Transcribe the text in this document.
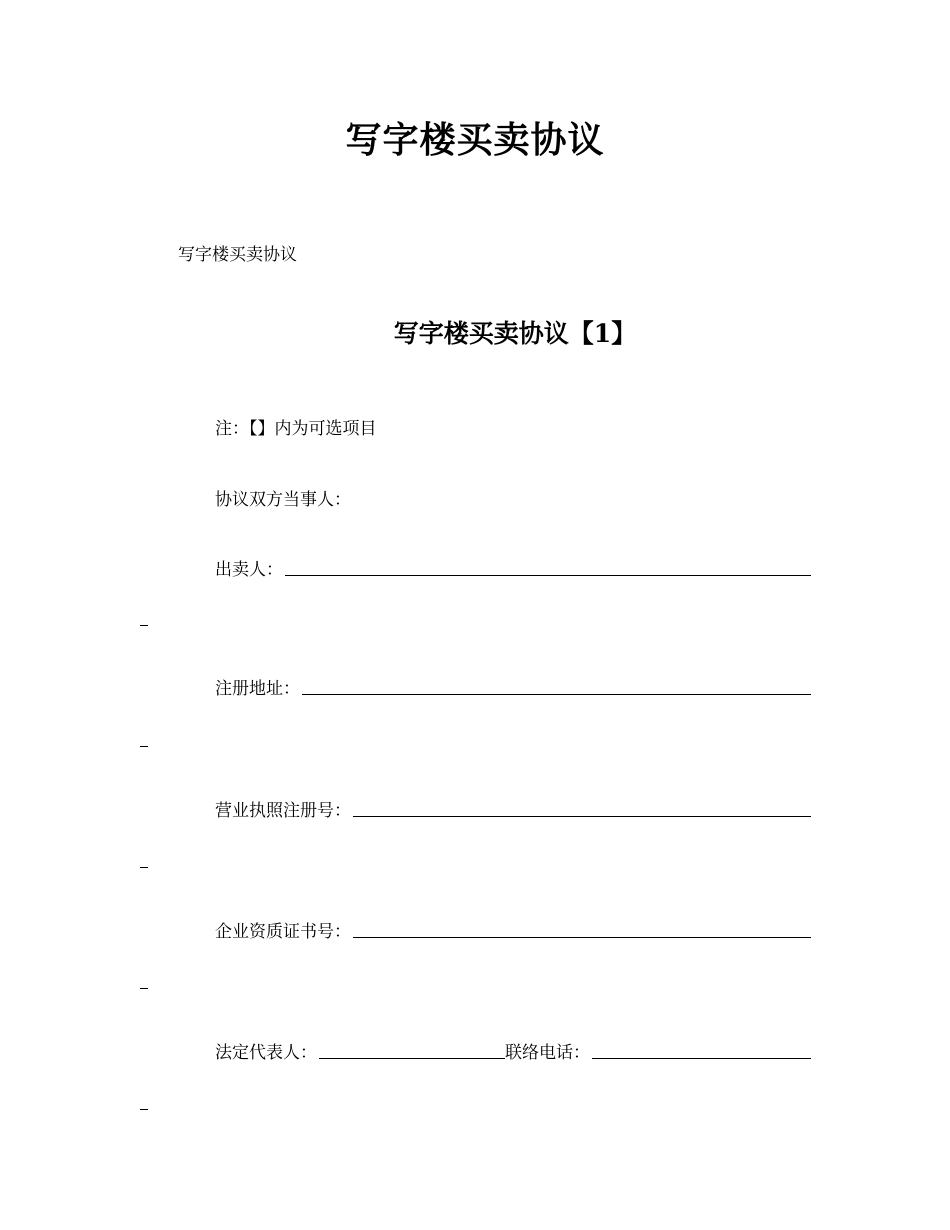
写字楼买卖协议
写字楼买卖协议
写字楼买卖协议【1】
注：【】内为可选项目
协议双方当事人：
出卖人：
注册地址：
营业执照注册号：
企业资质证书号：
法定代表人：	联络电话：
